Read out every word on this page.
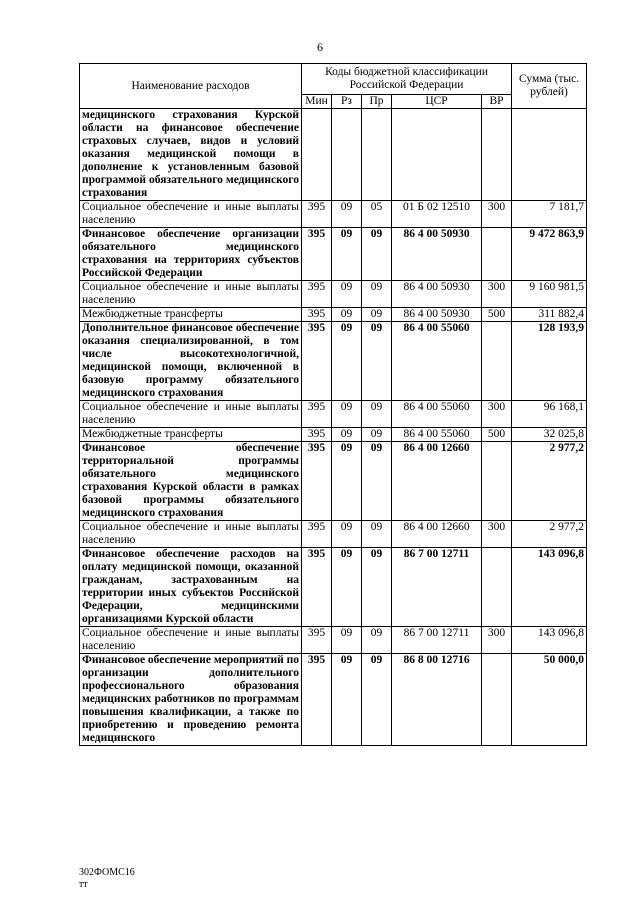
6
Наименование расходов	Коды бюджетной классификации Российской Федерации					Сумма (тыс. рублей)
	Мин	Рз	Пр	ЦСР	ВР	
медицинского страхования Курской области на финансовое обеспечение страховых случаев, видов и условий оказания медицинской помощи в дополнение к установленным базовой программой обязательного медицинского страхования						
Социальное обеспечение и иные выплаты населению	395	09	05	01 Б 02 12510	300	7 181,7
Финансовое обеспечение организации обязательного медицинского страхования на территориях субъектов Российской Федерации	395	09	09	86 4 00 50930		9 472 863,9
Социальное обеспечение и иные выплаты населению	395	09	09	86 4 00 50930	300	9 160 981,5
Межбюджетные трансферты	395	09	09	86 4 00 50930	500	311 882,4
Дополнительное финансовое обеспечение оказания специализированной, в том числе высокотехнологичной, медицинской помощи, включенной в базовую программу обязательного медицинского страхования	395	09	09	86 4 00 55060		128 193,9
Социальное обеспечение и иные выплаты населению	395	09	09	86 4 00 55060	300	96 168,1
Межбюджетные трансферты	395	09	09	86 4 00 55060	500	32 025,8
Финансовое обеспечение территориальной программы обязательного медицинского страхования Курской области в рамках базовой программы обязательного медицинского страхования	395	09	09	86 4 00 12660		2 977,2
Социальное обеспечение и иные выплаты населению	395	09	09	86 4 00 12660	300	2 977,2
Финансовое обеспечение расходов на оплату медицинской помощи, оказанной гражданам, застрахованным на территории иных субъектов Российской Федерации, медицинскими организациями Курской области	395	09	09	86 7 00 12711		143 096,8
Социальное обеспечение и иные выплаты населению	395	09	09	86 7 00 12711	300	143 096,8
Финансовое обеспечение мероприятий по организации дополнительного профессионального образования медицинских работников по программам повышения квалификации, а также по приобретению и проведению ремонта медицинского	395	09	09	86 8 00 12716		50 000,0
302ФОМС16
тт
